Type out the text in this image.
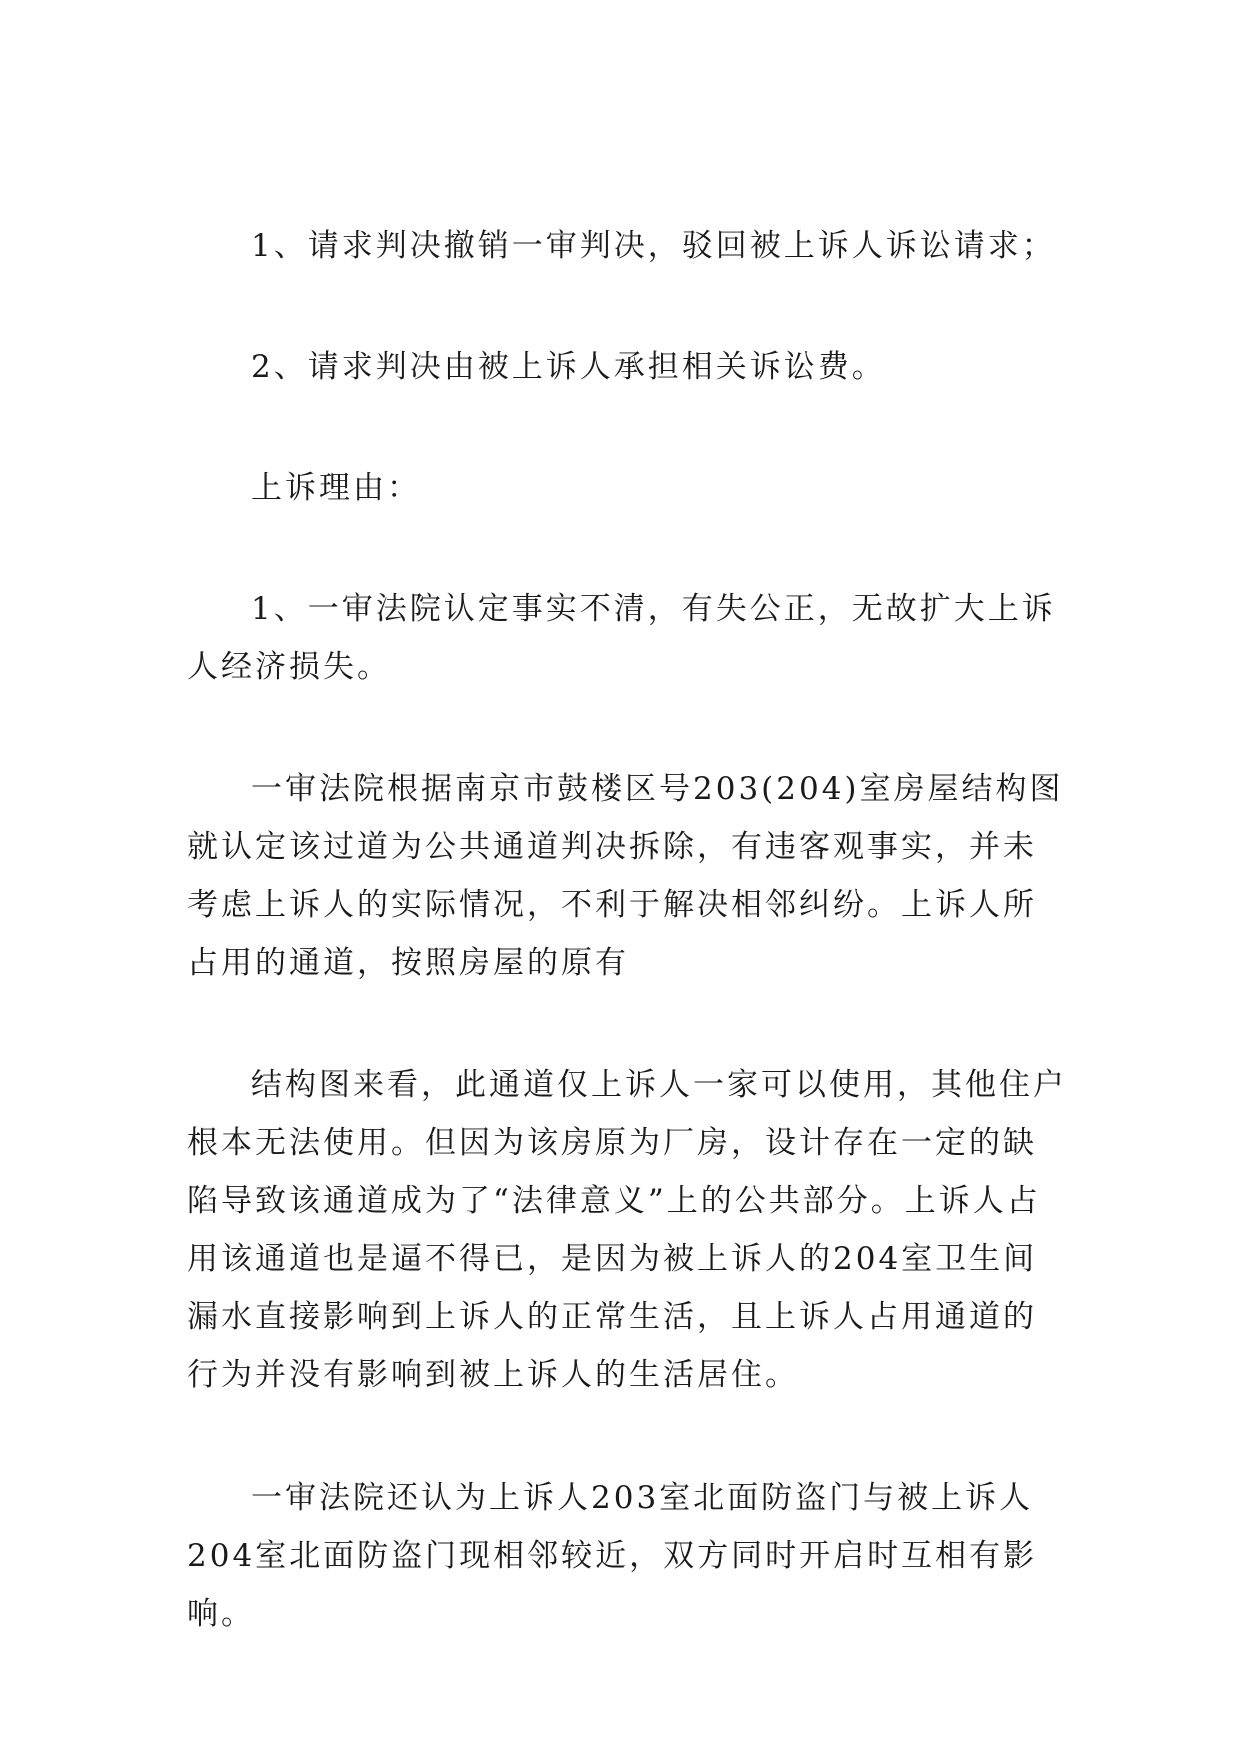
1、请求判决撤销一审判决，驳回被上诉人诉讼请求；

2、请求判决由被上诉人承担相关诉讼费。

上诉理由：

1、一审法院认定事实不清，有失公正，无故扩大上诉人经济损失。

一审法院根据南京市鼓楼区号203(204)室房屋结构图就认定该过道为公共通道判决拆除，有违客观事实，并未考虑上诉人的实际情况，不利于解决相邻纠纷。上诉人所占用的通道，按照房屋的原有

结构图来看，此通道仅上诉人一家可以使用，其他住户根本无法使用。但因为该房原为厂房，设计存在一定的缺陷导致该通道成为了“法律意义”上的公共部分。上诉人占用该通道也是逼不得已，是因为被上诉人的204室卫生间漏水直接影响到上诉人的正常生活，且上诉人占用通道的行为并没有影响到被上诉人的生活居住。

一审法院还认为上诉人203室北面防盗门与被上诉人204室北面防盗门现相邻较近，双方同时开启时互相有影响。
